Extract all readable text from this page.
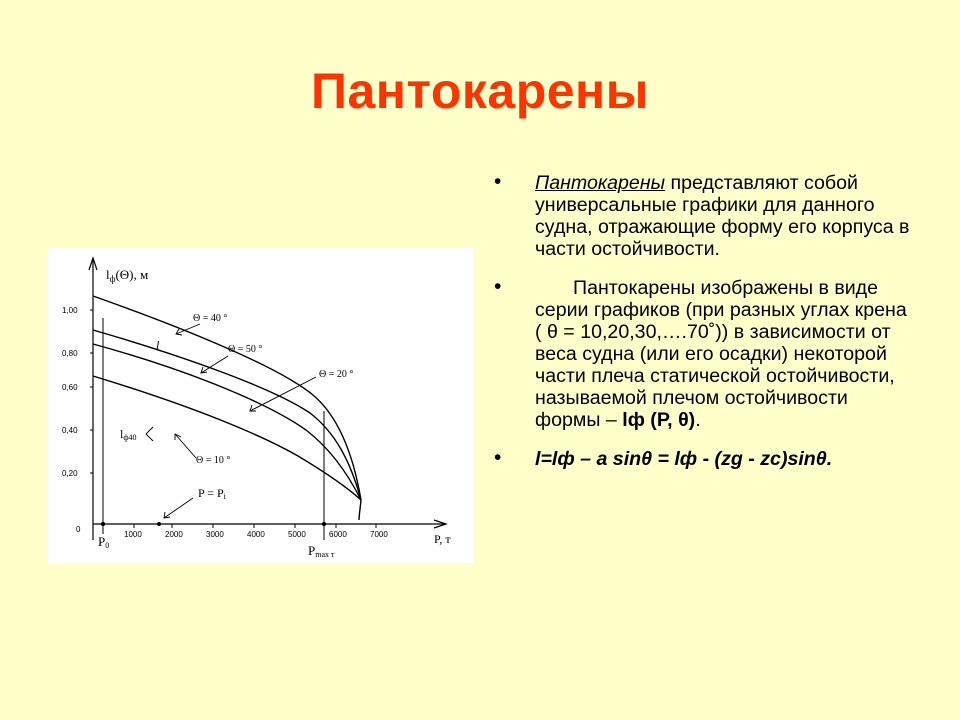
Пантокарены
1,00
0,80
0,60
0,40
0,20
0
$l_ф(\Theta)$, м
1000	2000	3000	4000	5000	6000	7000	P, т
P0	Pmax т
Θ = 40 °
l	Θ = 50 °
Θ = 20 °
lф40
Θ = 10 °
P = Pi
• Пантокарены представляют собой универсальные графики для данного судна, отражающие форму его корпуса в части остойчивости.
•	Пантокарены изображены в виде серии графиков (при разных углах крена ( θ = 10,20,30,….70˚)) в зависимости от веса судна (или его осадки) некоторой части плеча статической остойчивости, называемой плечом остойчивости формы – lф (Р, θ).
• l=lф – a sinθ = lф - (zg - zc)sinθ.
